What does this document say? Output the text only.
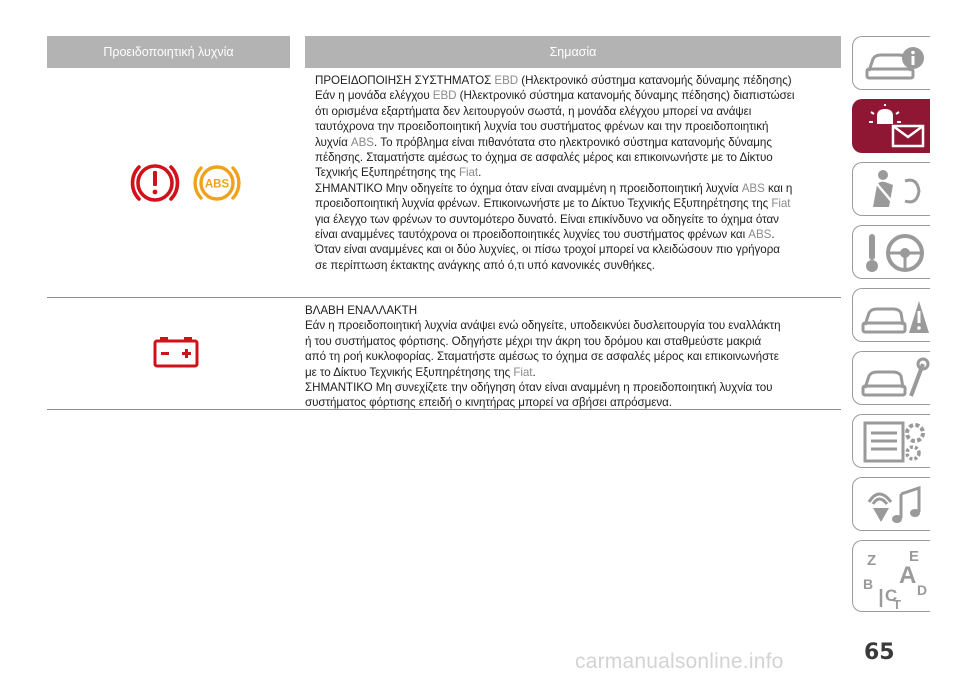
Προειδοποιητική λυχνία	Σημασία
ABS
ΠΡΟΕΙΔΟΠΟΙΗΣΗ ΣΥΣΤΗΜΑΤΟΣ EBD (Ηλεκτρονικό σύστημα κατανομής δύναμης πέδησης)
Εάν η μονάδα ελέγχου EBD (Ηλεκτρονικό σύστημα κατανομής δύναμης πέδησης) διαπιστώσει
ότι ορισμένα εξαρτήματα δεν λειτουργούν σωστά, η μονάδα ελέγχου μπορεί να ανάψει
ταυτόχρονα την προειδοποιητική λυχνία του συστήματος φρένων και την προειδοποιητική
λυχνία ABS. Το πρόβλημα είναι πιθανότατα στο ηλεκτρονικό σύστημα κατανομής δύναμης
πέδησης. Σταματήστε αμέσως το όχημα σε ασφαλές μέρος και επικοινωνήστε με το Δίκτυο
Τεχνικής Εξυπηρέτησης της Fiat.
ΣΗΜΑΝΤΙΚΟ Μην οδηγείτε το όχημα όταν είναι αναμμένη η προειδοποιητική λυχνία ABS και η
προειδοποιητική λυχνία φρένων. Επικοινωνήστε με το Δίκτυο Τεχνικής Εξυπηρέτησης της Fiat
για έλεγχο των φρένων το συντομότερο δυνατό. Είναι επικίνδυνο να οδηγείτε το όχημα όταν
είναι αναμμένες ταυτόχρονα οι προειδοποιητικές λυχνίες του συστήματος φρένων και ABS.
Όταν είναι αναμμένες και οι δύο λυχνίες, οι πίσω τροχοί μπορεί να κλειδώσουν πιο γρήγορα
σε περίπτωση έκτακτης ανάγκης από ό,τι υπό κανονικές συνθήκες.
ΒΛΑΒΗ ΕΝΑΛΛΑΚΤΗ
Εάν η προειδοποιητική λυχνία ανάψει ενώ οδηγείτε, υποδεικνύει δυσλειτουργία του εναλλάκτη
ή του συστήματος φόρτισης. Οδηγήστε μέχρι την άκρη του δρόμου και σταθμεύστε μακριά
από τη ροή κυκλοφορίας. Σταματήστε αμέσως το όχημα σε ασφαλές μέρος και επικοινωνήστε
με το Δίκτυο Τεχνικής Εξυπηρέτησης της Fiat.
ΣΗΜΑΝΤΙΚΟ Μη συνεχίζετε την οδήγηση όταν είναι αναμμένη η προειδοποιητική λυχνία του
συστήματος φόρτισης επειδή ο κινητήρας μπορεί να σβήσει απρόσμενα.
Z E
A
B
C
T
D
65
carmanualsonline.info
